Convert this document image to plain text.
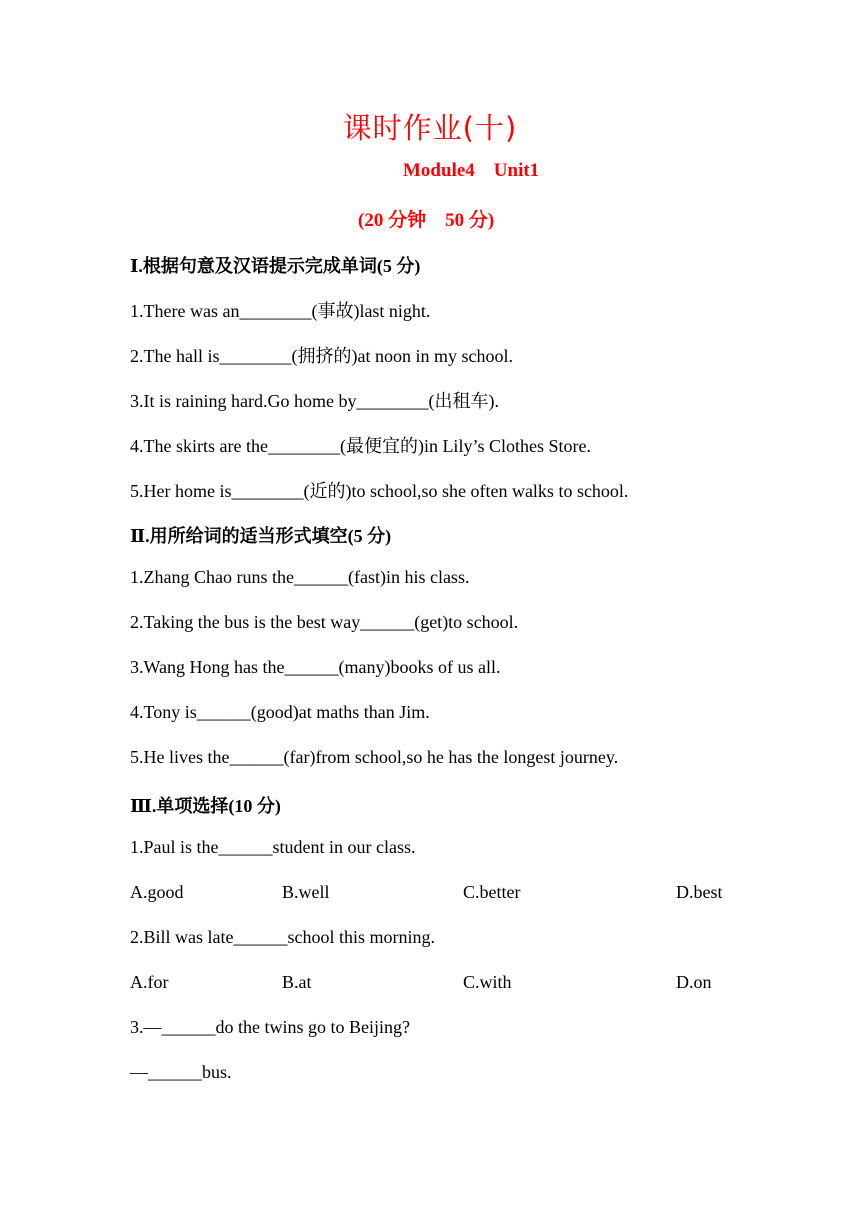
课时作业(十)
Module4    Unit1
(20 分钟    50 分)
Ⅰ.根据句意及汉语提示完成单词(5 分)
1.There was an________(事故)last night.
2.The hall is________(拥挤的)at noon in my school.
3.It is raining hard.Go home by________(出租车).
4.The skirts are the________(最便宜的)in Lily’s Clothes Store.
5.Her home is________(近的)to school,so she often walks to school.
Ⅱ.用所给词的适当形式填空(5 分)
1.Zhang Chao runs the______(fast)in his class.
2.Taking the bus is the best way______(get)to school.
3.Wang Hong has the______(many)books of us all.
4.Tony is______(good)at maths than Jim.
5.He lives the______(far)from school,so he has the longest journey.
Ⅲ.单项选择(10 分)
1.Paul is the______student in our class.
A.good	B.well	C.better	D.best
2.Bill was late______school this morning.
A.for	B.at	C.with	D.on
3.—______do the twins go to Beijing?
—______bus.
